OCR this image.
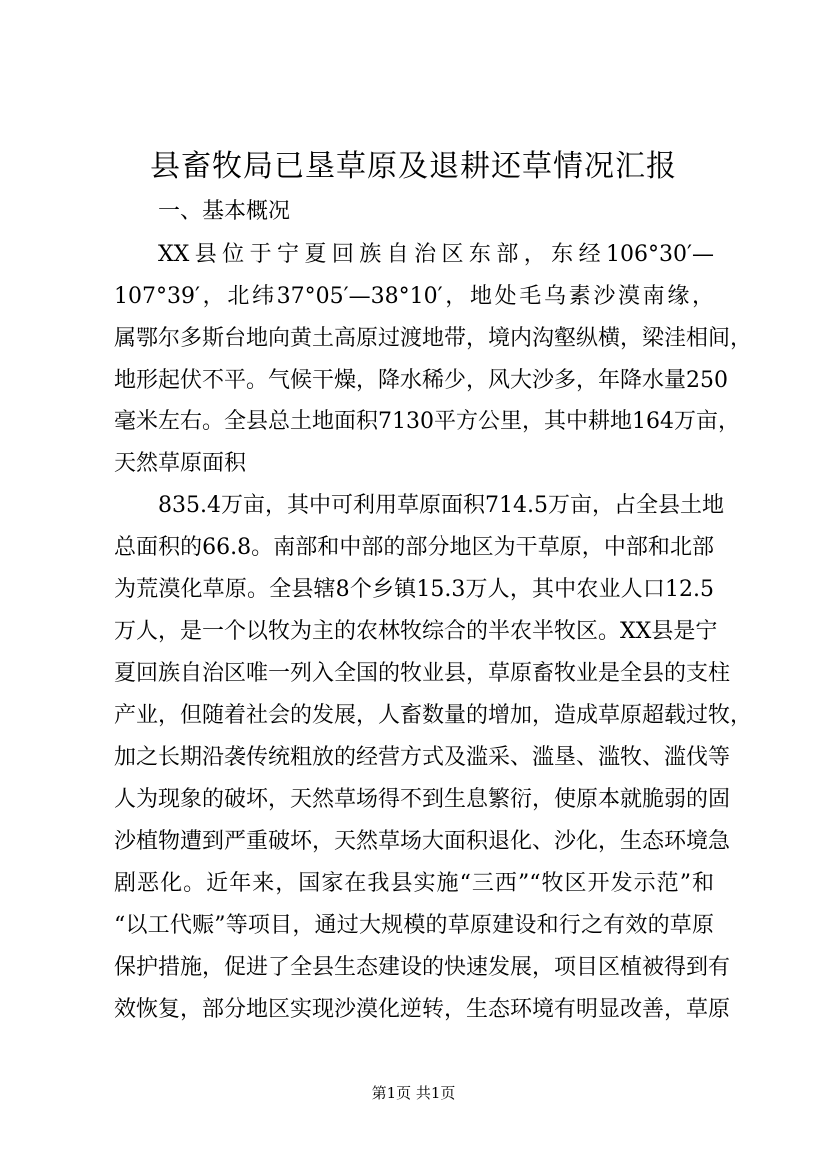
县畜牧局已垦草原及退耕还草情况汇报
一、基本概况
XX县位于宁夏回族自治区东部，东经106°30′—
107°39′，北纬37°05′—38°10′，地处毛乌素沙漠南缘，
属鄂尔多斯台地向黄土高原过渡地带，境内沟壑纵横，梁洼相间，
地形起伏不平。气候干燥，降水稀少，风大沙多，年降水量250
毫米左右。全县总土地面积7130平方公里，其中耕地164万亩，
天然草原面积
835.4万亩，其中可利用草原面积714.5万亩，占全县土地
总面积的66.8。南部和中部的部分地区为干草原，中部和北部
为荒漠化草原。全县辖8个乡镇15.3万人，其中农业人口12.5
万人，是一个以牧为主的农林牧综合的半农半牧区。XX县是宁
夏回族自治区唯一列入全国的牧业县，草原畜牧业是全县的支柱
产业，但随着社会的发展，人畜数量的增加，造成草原超载过牧，
加之长期沿袭传统粗放的经营方式及滥采、滥垦、滥牧、滥伐等
人为现象的破坏，天然草场得不到生息繁衍，使原本就脆弱的固
沙植物遭到严重破坏，天然草场大面积退化、沙化，生态环境急
剧恶化。近年来，国家在我县实施“三西”“牧区开发示范”和
“以工代赈”等项目，通过大规模的草原建设和行之有效的草原
保护措施，促进了全县生态建设的快速发展，项目区植被得到有
效恢复，部分地区实现沙漠化逆转，生态环境有明显改善，草原
第1页 共1页
